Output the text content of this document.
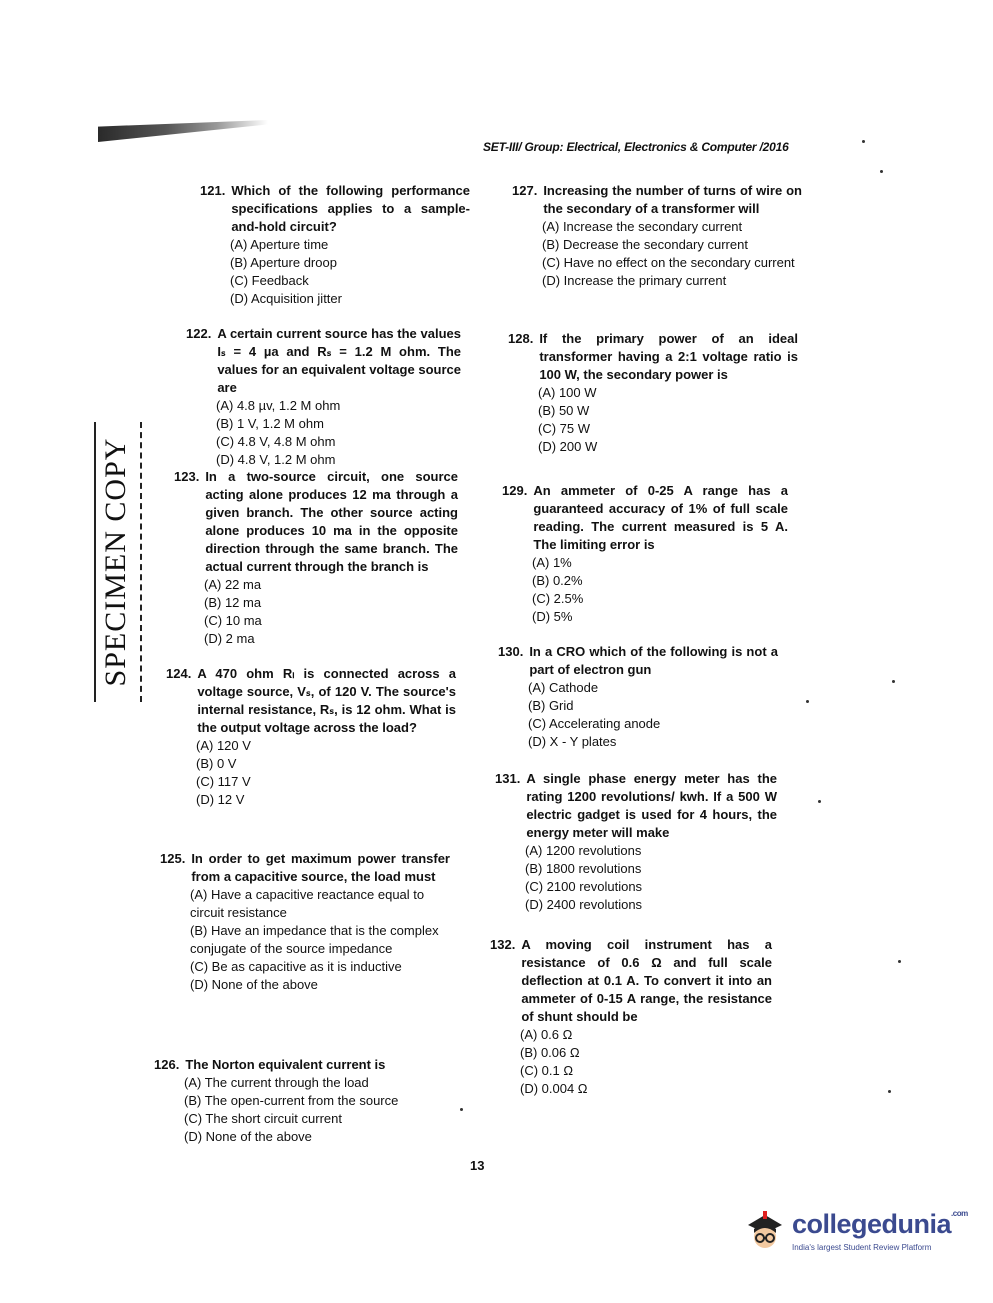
SET-III/ Group: Electrical, Electronics & Computer /2016
SPECIMEN COPY
121. Which of the following performance specifications applies to a sample-and-hold circuit?
(A) Aperture time
(B) Aperture droop
(C) Feedback
(D) Acquisition jitter
122. A certain current source has the values Iₛ = 4 µa and Rₛ = 1.2 M ohm. The values for an equivalent voltage source are
(A) 4.8 µv, 1.2 M ohm
(B) 1 V, 1.2 M ohm
(C) 4.8 V, 4.8 M ohm
(D) 4.8 V, 1.2 M ohm
123. In a two-source circuit, one source acting alone produces 12 ma through a given branch. The other source acting alone produces 10 ma in the opposite direction through the same branch. The actual current through the branch is
(A) 22 ma
(B) 12 ma
(C) 10 ma
(D) 2 ma
124. A 470 ohm Rₗ is connected across a voltage source, Vₛ, of 120 V. The source's internal resistance, Rₛ, is 12 ohm. What is the output voltage across the load?
(A) 120 V
(B) 0 V
(C) 117 V
(D) 12 V
125. In order to get maximum power transfer from a capacitive source, the load must
(A) Have a capacitive reactance equal to circuit resistance
(B) Have an impedance that is the complex conjugate of the source impedance
(C) Be as capacitive as it is inductive
(D) None of the above
126. The Norton equivalent current is
(A) The current through the load
(B) The open-current from the source
(C) The short circuit current
(D) None of the above
127. Increasing the number of turns of wire on the secondary of a transformer will
(A) Increase the secondary current
(B) Decrease the secondary current
(C) Have no effect on the secondary current
(D) Increase the primary current
128. If the primary power of an ideal transformer having a 2:1 voltage ratio is 100 W, the secondary power is
(A) 100 W
(B) 50 W
(C) 75 W
(D) 200 W
129. An ammeter of 0-25 A range has a guaranteed accuracy of 1% of full scale reading. The current measured is 5 A. The limiting error is
(A) 1%
(B) 0.2%
(C) 2.5%
(D) 5%
130. In a CRO which of the following is not a part of electron gun
(A) Cathode
(B) Grid
(C) Accelerating anode
(D) X - Y plates
131. A single phase energy meter has the rating 1200 revolutions/ kwh. If a 500 W electric gadget is used for 4 hours, the energy meter will make
(A) 1200 revolutions
(B) 1800 revolutions
(C) 2100 revolutions
(D) 2400 revolutions
132. A moving coil instrument has a resistance of 0.6 Ω and full scale deflection at 0.1 A. To convert it into an ammeter of 0-15 A range, the resistance of shunt should be
(A) 0.6 Ω
(B) 0.06 Ω
(C) 0.1 Ω
(D) 0.004 Ω
13
collegedunia$^{.com}$
India's largest Student Review Platform
